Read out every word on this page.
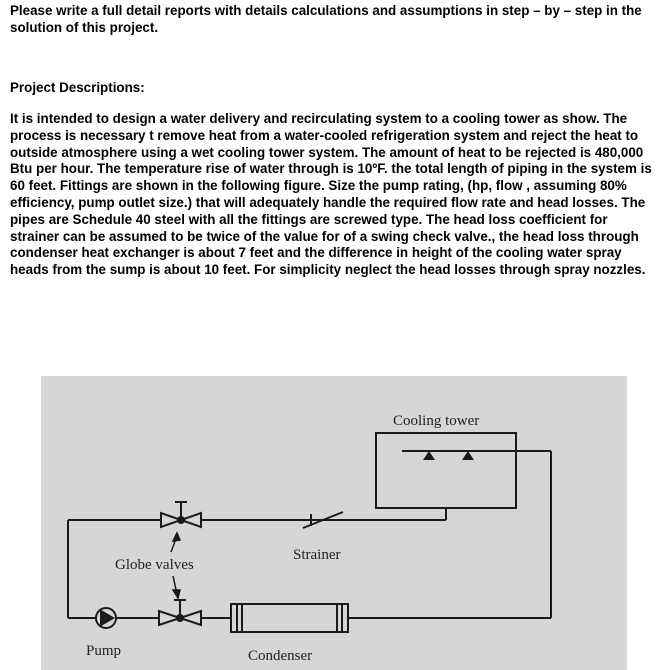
Please write a full detail reports with details calculations and assumptions in step – by – step in the solution of this project.
Project Descriptions:
It is intended to design a water delivery and recirculating system to a cooling tower as show. The process is necessary t remove heat from a water-cooled refrigeration system and reject the heat to outside atmosphere using a wet cooling tower system. The amount of heat to be rejected is 480,000 Btu per hour. The temperature rise of water through is 10ºF. the total length of piping in the system is 60 feet. Fittings are shown in the following figure. Size the pump rating, (hp, flow , assuming 80% efficiency, pump outlet size.) that will adequately handle the required flow rate and head losses. The pipes are Schedule 40 steel with all the fittings are screwed type. The head loss coefficient for strainer can be assumed to be twice of the value for of a swing check valve., the head loss through condenser heat exchanger is about 7 feet and the difference in height of the cooling water spray heads from the sump is about 10 feet. For simplicity neglect the head losses through spray nozzles.
Cooling tower
Strainer
Globe valves
Pump	Condenser
